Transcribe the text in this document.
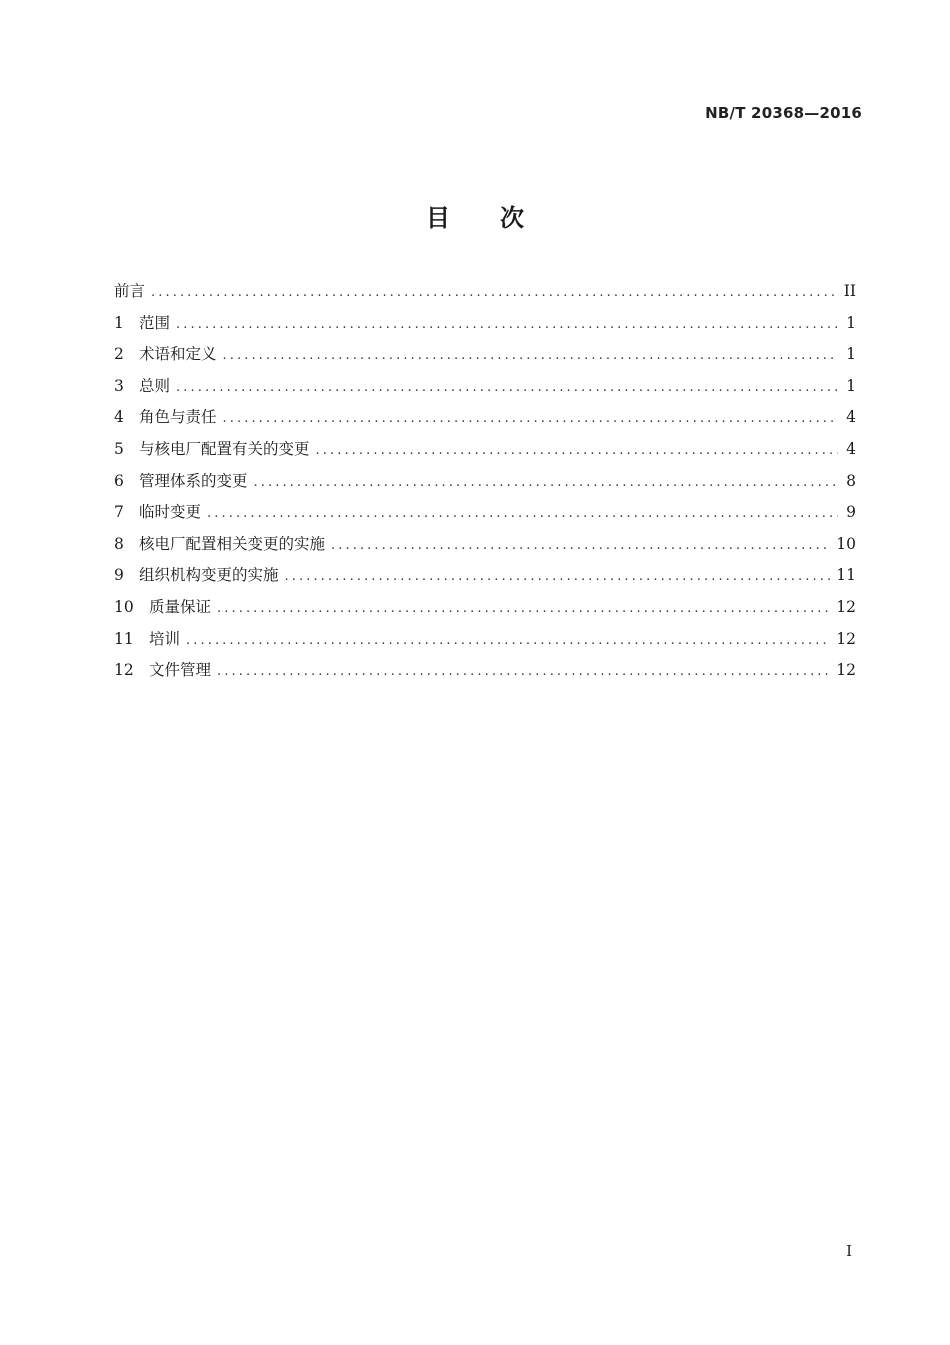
NB/T 20368—2016
目次
前言 .....	II
1 范围 .....	1
2 术语和定义 .....	1
3 总则 .....	1
4 角色与责任 .....	4
5 与核电厂配置有关的变更 .....	4
6 管理体系的变更 .....	8
7 临时变更 .....	9
8 核电厂配置相关变更的实施 .....	10
9 组织机构变更的实施 .....	11
10 质量保证 .....	12
11 培训 .....	12
12 文件管理 .....	12
I
